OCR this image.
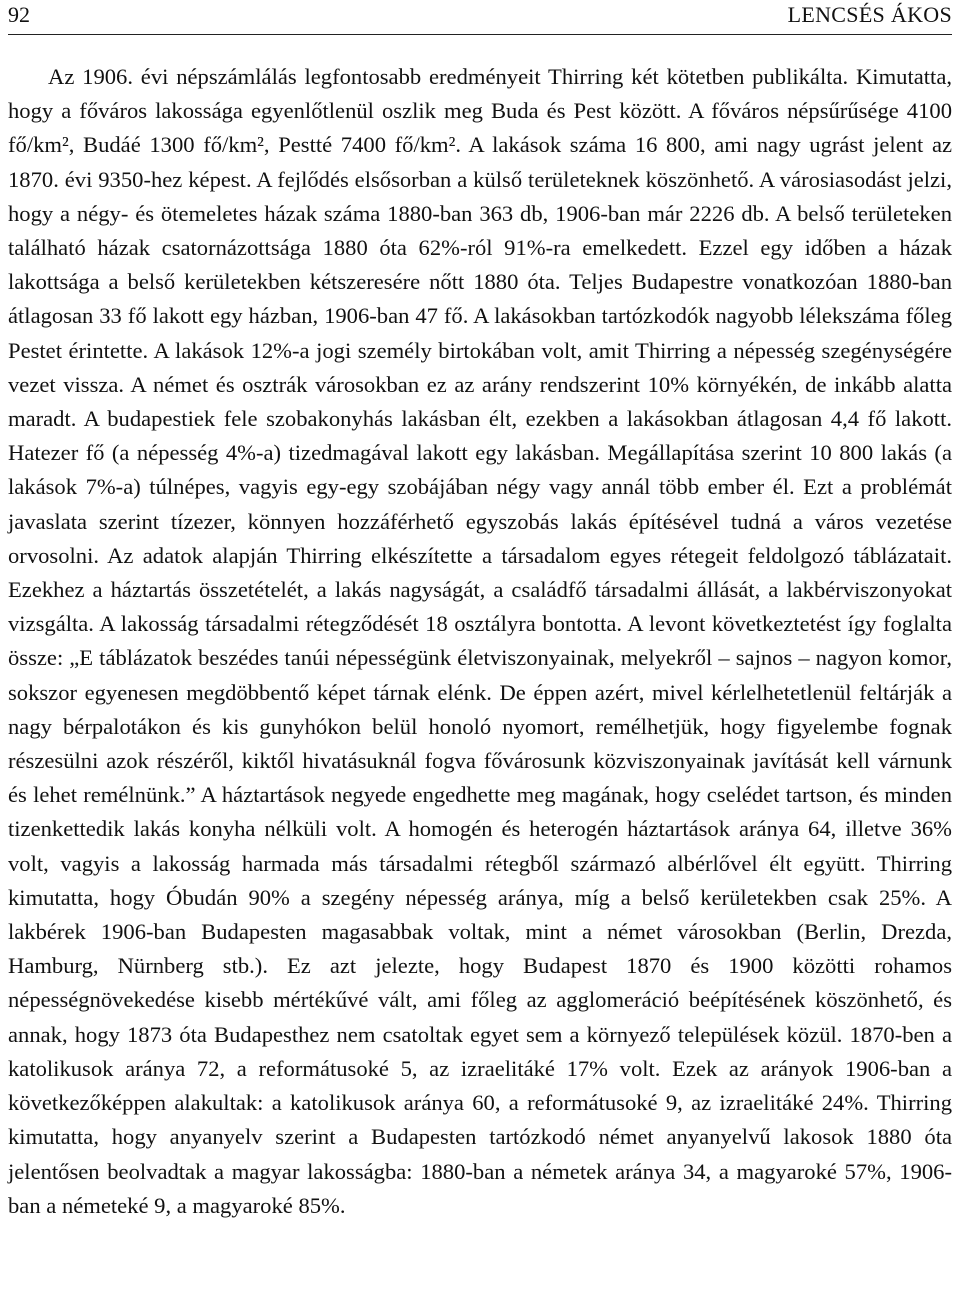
92	LENCSÉS ÁKOS

Az 1906. évi népszámlálás legfontosabb eredményeit Thirring két kötetben publikálta. Kimutatta, hogy a főváros lakossága egyenlőtlenül oszlik meg Buda és Pest között. A főváros népsűrűsége 4100 fő/km², Budáé 1300 fő/km², Pestté 7400 fő/km². A lakások száma 16 800, ami nagy ugrást jelent az 1870. évi 9350-hez képest. A fejlődés elsősorban a külső területeknek köszönhető. A városiasodást jelzi, hogy a négy- és ötemeletes házak száma 1880-ban 363 db, 1906-ban már 2226 db. A belső területeken található házak csatornázottsága 1880 óta 62%-ról 91%-ra emelkedett. Ezzel egy időben a házak lakottsága a belső kerületekben kétszeresére nőtt 1880 óta. Teljes Budapestre vonatkozóan 1880-ban átlagosan 33 fő lakott egy házban, 1906-ban 47 fő. A lakásokban tartózkodók nagyobb lélekszáma főleg Pestet érintette. A lakások 12%-a jogi személy birtokában volt, amit Thirring a népesség szegénységére vezet vissza. A német és osztrák városokban ez az arány rendszerint 10% környékén, de inkább alatta maradt. A budapestiek fele szobakonyhás lakásban élt, ezekben a lakásokban átlagosan 4,4 fő lakott. Hatezer fő (a népesség 4%-a) tizedmagával lakott egy lakásban. Megállapítása szerint 10 800 lakás (a lakások 7%-a) túlnépes, vagyis egy-egy szobájában négy vagy annál több ember él. Ezt a problémát javaslata szerint tízezer, könnyen hozzáférhető egyszobás lakás építésével tudná a város vezetése orvosolni. Az adatok alapján Thirring elkészítette a társadalom egyes rétegeit feldolgozó táblázatait. Ezekhez a háztartás összetételét, a lakás nagyságát, a családfő társadalmi állását, a lakbérviszonyokat vizsgálta. A lakosság társadalmi rétegződését 18 osztályra bontotta. A levont következtetést így foglalta össze: „E táblázatok beszédes tanúi népességünk életviszonyainak, melyekről – sajnos – nagyon komor, sokszor egyenesen megdöbbentő képet tárnak elénk. De éppen azért, mivel kérlelhetetlenül feltárják a nagy bérpalotákon és kis gunyhókon belül honoló nyomort, remélhetjük, hogy figyelembe fognak részesülni azok részéről, kiktől hivatásuknál fogva fővárosunk közviszonyainak javítását kell várnunk és lehet remélnünk.” A háztartások negyede engedhette meg magának, hogy cselédet tartson, és minden tizenkettedik lakás konyha nélküli volt. A homogén és heterogén háztartások aránya 64, illetve 36% volt, vagyis a lakosság harmada más társadalmi rétegből származó albérlővel élt együtt. Thirring kimutatta, hogy Óbudán 90% a szegény népesség aránya, míg a belső kerületekben csak 25%. A lakbérek 1906-ban Budapesten magasabbak voltak, mint a német városokban (Berlin, Drezda, Hamburg, Nürnberg stb.). Ez azt jelezte, hogy Budapest 1870 és 1900 közötti rohamos népességnövekedése kisebb mértékűvé vált, ami főleg az agglomeráció beépítésének köszönhető, és annak, hogy 1873 óta Budapesthez nem csatoltak egyet sem a környező települések közül. 1870-ben a katolikusok aránya 72, a reformátusoké 5, az izraelitáké 17% volt. Ezek az arányok 1906-ban a következőképpen alakultak: a katolikusok aránya 60, a reformátusoké 9, az izraelitáké 24%. Thirring kimutatta, hogy anyanyelv szerint a Budapesten tartózkodó német anyanyelvű lakosok 1880 óta jelentősen beolvadtak a magyar lakosságba: 1880-ban a németek aránya 34, a magyaroké 57%, 1906-ban a németeké 9, a magyaroké 85%.
